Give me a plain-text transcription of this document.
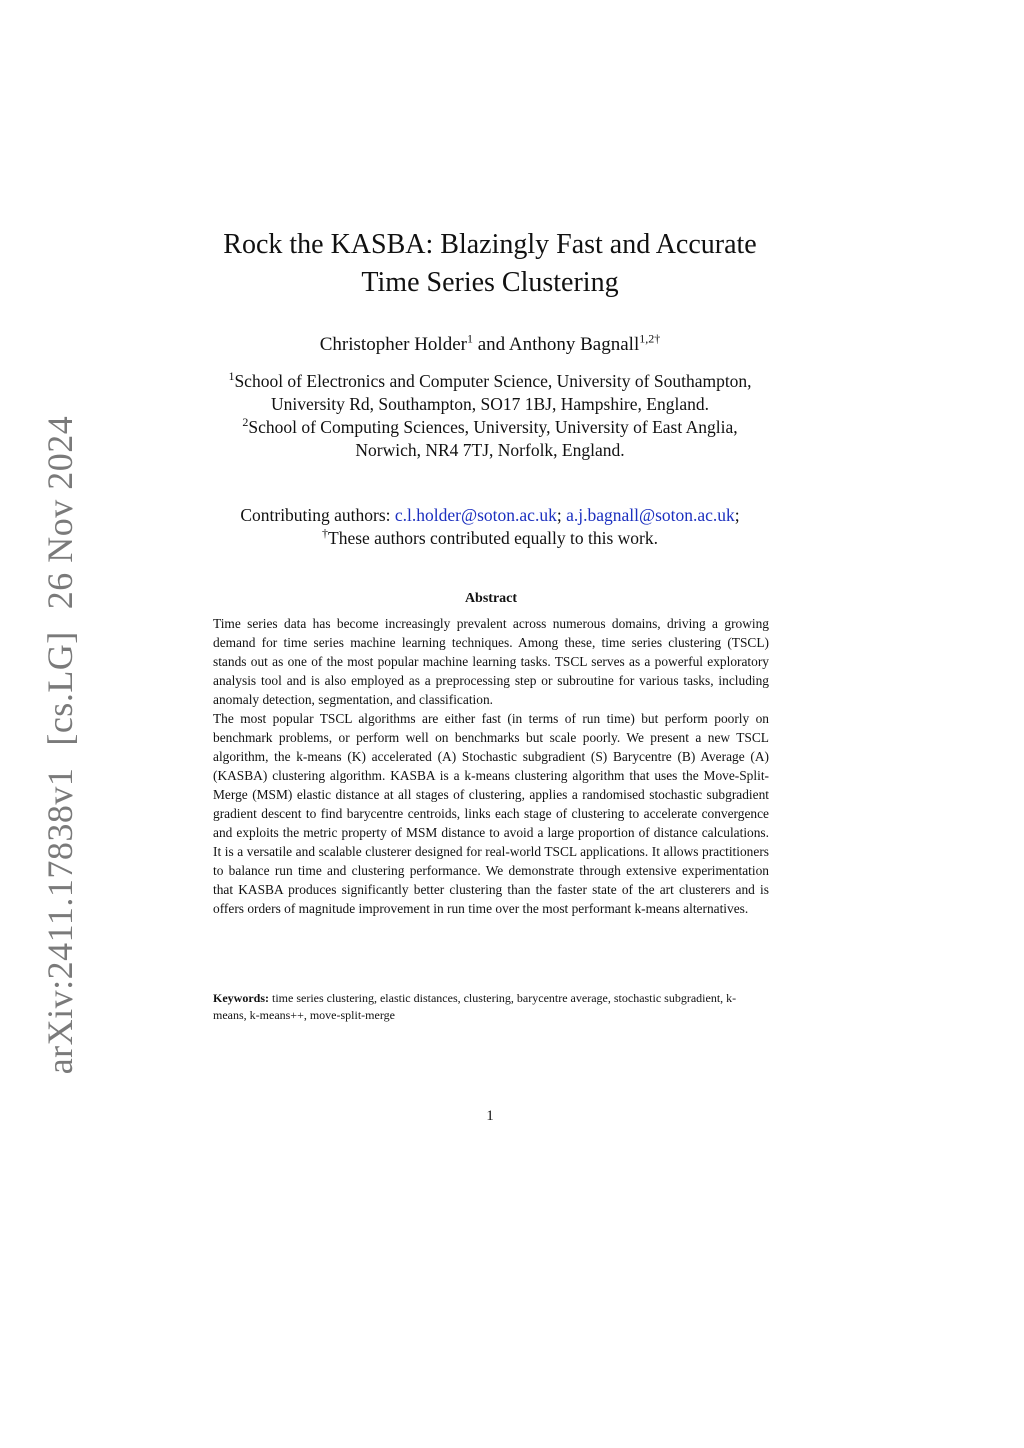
arXiv:2411.17838v1[cs.LG]26 Nov 2024
Rock the KASBA: Blazingly Fast and Accurate
Time Series Clustering
Christopher Holder$^1$ and Anthony Bagnall$^{1,2\dagger}$
$^1$School of Electronics and Computer Science, University of Southampton,
University Rd, Southampton, SO17 1BJ, Hampshire, England.
$^2$School of Computing Sciences, University, University of East Anglia,
Norwich, NR4 7TJ, Norfolk, England.
Contributing authors: c.l.holder@soton.ac.uk; a.j.bagnall@soton.ac.uk;
†These authors contributed equally to this work.
Abstract

Time series data has become increasingly prevalent across numerous domains, driving a growing demand for time series machine learning techniques. Among these, time series clustering (TSCL) stands out as one of the most popular machine learning tasks. TSCL serves as a powerful exploratory analysis tool and is also employed as a preprocessing step or subroutine for various tasks, including anomaly detection, segmentation, and classification.

The most popular TSCL algorithms are either fast (in terms of run time) but perform poorly on benchmark problems, or perform well on benchmarks but scale poorly. We present a new TSCL algorithm, the k-means (K) accelerated (A) Stochastic subgradient (S) Barycentre (B) Average (A) (KASBA) clustering algorithm. KASBA is a k-means clustering algorithm that uses the Move-Split-Merge (MSM) elastic distance at all stages of clustering, applies a randomised stochastic subgradient gradient descent to find barycentre centroids, links each stage of clustering to accelerate convergence and exploits the metric property of MSM distance to avoid a large proportion of distance calculations. It is a versatile and scalable clusterer designed for real-world TSCL applications. It allows practitioners to balance run time and clustering performance. We demonstrate through extensive experimentation that KASBA produces significantly better clustering than the faster state of the art clusterers and is offers orders of magnitude improvement in run time over the most performant k-means alternatives.

Keywords: time series clustering, elastic distances, clustering, barycentre average, stochastic subgradient, k-means, k-means++, move-split-merge
1
